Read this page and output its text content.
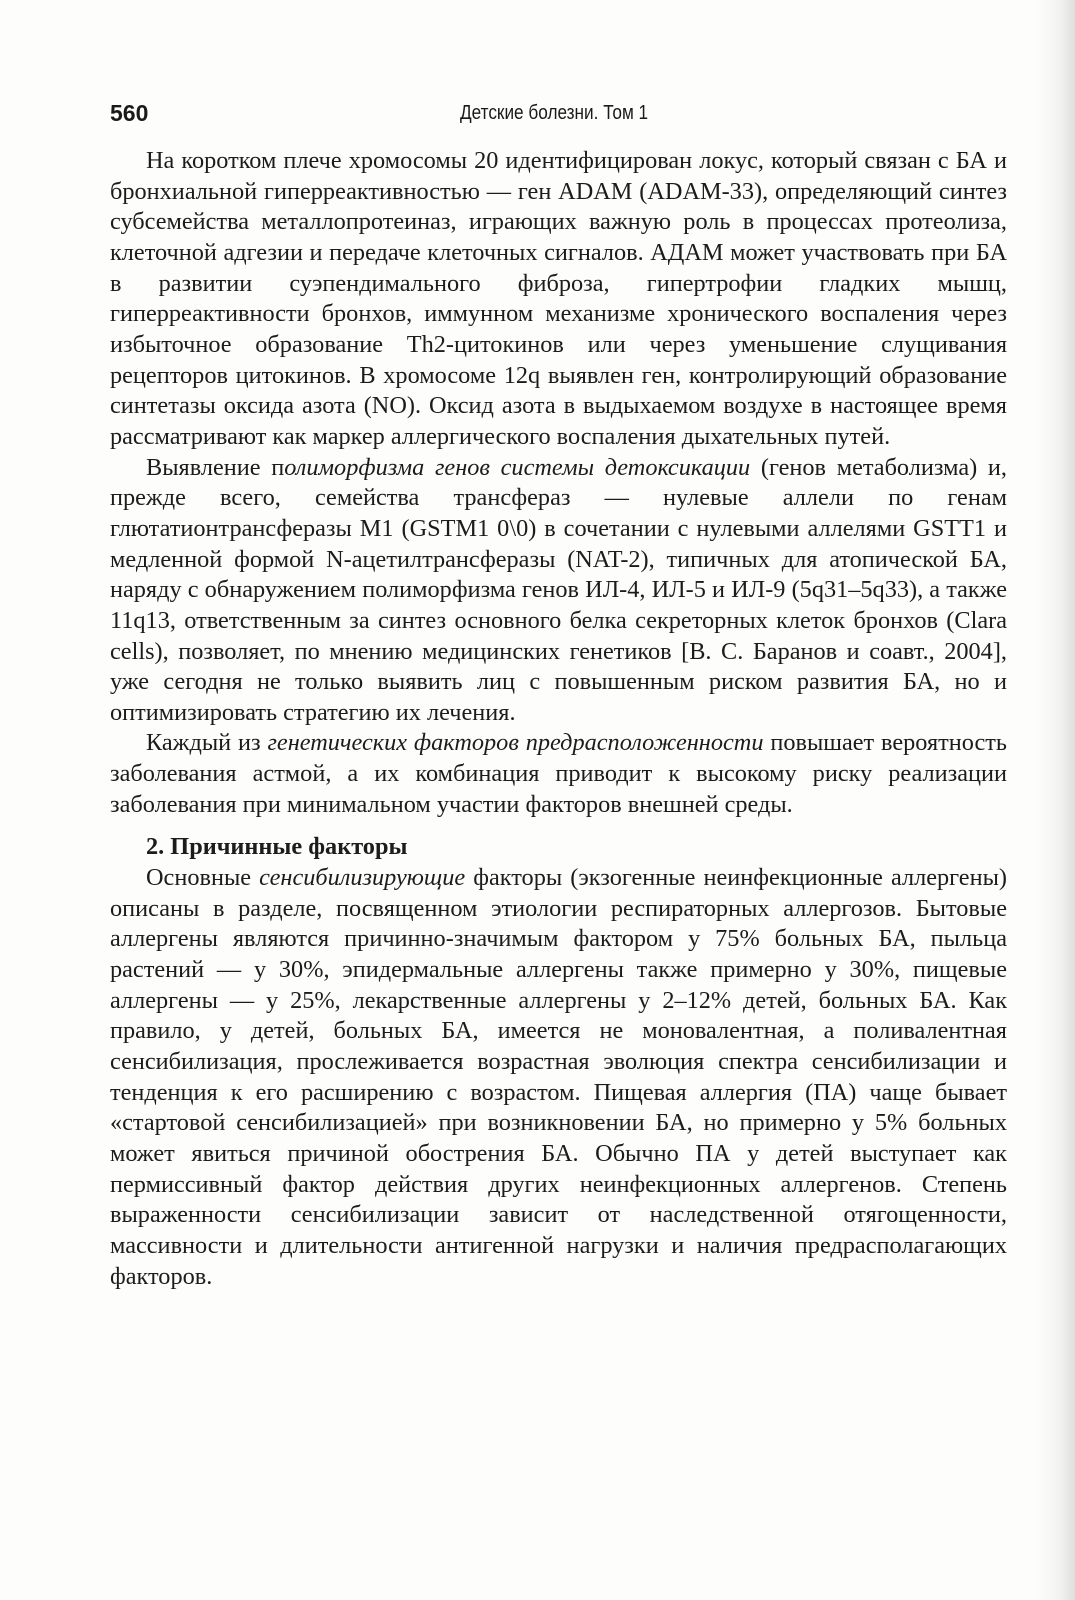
560	Детские болезни. Том 1

На коротком плече хромосомы 20 идентифицирован локус, который связан с БА и бронхиальной гиперреактивностью — ген ADAM (ADAM-33), определяющий синтез субсемейства металлопротеиназ, играющих важную роль в процессах протеолиза, клеточной адгезии и передаче клеточных сигналов. АДАМ может участвовать при БА в развитии суэпендимального фиброза, гипертрофии гладких мышц, гиперреактивности бронхов, иммунном механизме хронического воспаления через избыточное образование Th2-цитокинов или через уменьшение слущивания рецепторов цитокинов. В хромосоме 12q выявлен ген, контролирующий образование синтетазы оксида азота (NO). Оксид азота в выдыхаемом воздухе в настоящее время рассматривают как маркер аллергического воспаления дыхательных путей.

Выявление полиморфизма генов системы детоксикации (генов метаболизма) и, прежде всего, семейства трансфераз — нулевые аллели по генам глютатионтрансферазы M1 (GSTM1 0\0) в сочетании с нулевыми аллелями GSTT1 и медленной формой N-ацетилтрансферазы (NAT-2), типичных для атопической БА, наряду с обнаружением полиморфизма генов ИЛ-4, ИЛ-5 и ИЛ-9 (5q31–5q33), а также 11q13, ответственным за синтез основного белка секреторных клеток бронхов (Clara cells), позволяет, по мнению медицинских генетиков [В. С. Баранов и соавт., 2004], уже сегодня не только выявить лиц с повышенным риском развития БА, но и оптимизировать стратегию их лечения.

Каждый из генетических факторов предрасположенности повышает вероятность заболевания астмой, а их комбинация приводит к высокому риску реализации заболевания при минимальном участии факторов внешней среды.

2. Причинные факторы

Основные сенсибилизирующие факторы (экзогенные неинфекционные аллергены) описаны в разделе, посвященном этиологии респираторных аллергозов. Бытовые аллергены являются причинно-значимым фактором у 75% больных БА, пыльца растений — у 30%, эпидермальные аллергены также примерно у 30%, пищевые аллергены — у 25%, лекарственные аллергены у 2–12% детей, больных БА. Как правило, у детей, больных БА, имеется не моновалентная, а поливалентная сенсибилизация, прослеживается возрастная эволюция спектра сенсибилизации и тенденция к его расширению с возрастом. Пищевая аллергия (ПА) чаще бывает «стартовой сенсибилизацией» при возникновении БА, но примерно у 5% больных может явиться причиной обострения БА. Обычно ПА у детей выступает как пермиссивный фактор действия других неинфекционных аллергенов. Степень выраженности сенсибилизации зависит от наследственной отягощенности, массивности и длительности антигенной нагрузки и наличия предрасполагающих факторов.
